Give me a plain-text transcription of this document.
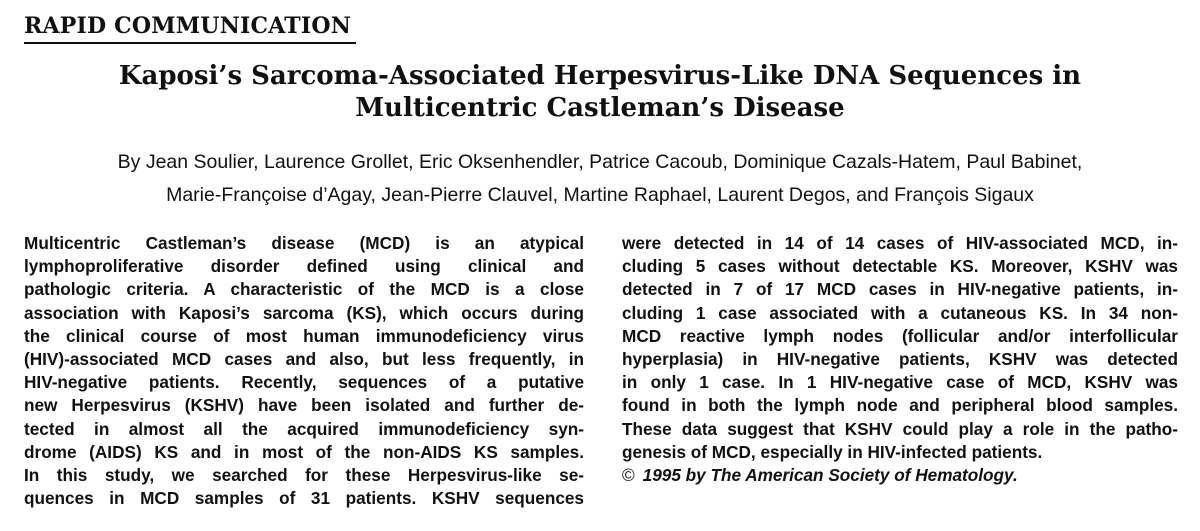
RAPID COMMUNICATION
Kaposi’s Sarcoma-Associated Herpesvirus-Like DNA Sequences in
Multicentric Castleman’s Disease
By Jean Soulier, Laurence Grollet, Eric Oksenhendler, Patrice Cacoub, Dominique Cazals-Hatem, Paul Babinet,
Marie-Françoise d’Agay, Jean-Pierre Clauvel, Martine Raphael, Laurent Degos, and François Sigaux
Multicentric Castleman’s disease (MCD) is an atypical
lymphoproliferative disorder defined using clinical and
pathologic criteria. A characteristic of the MCD is a close
association with Kaposi’s sarcoma (KS), which occurs during
the clinical course of most human immunodeficiency virus
(HIV)-associated MCD cases and also, but less frequently, in
HIV-negative patients. Recently, sequences of a putative
new Herpesvirus (KSHV) have been isolated and further de-
tected in almost all the acquired immunodeficiency syn-
drome (AIDS) KS and in most of the non-AIDS KS samples.
In this study, we searched for these Herpesvirus-like se-
quences in MCD samples of 31 patients. KSHV sequences
were detected in 14 of 14 cases of HIV-associated MCD, in-
cluding 5 cases without detectable KS. Moreover, KSHV was
detected in 7 of 17 MCD cases in HIV-negative patients, in-
cluding 1 case associated with a cutaneous KS. In 34 non-
MCD reactive lymph nodes (follicular and/or interfollicular
hyperplasia) in HIV-negative patients, KSHV was detected
in only 1 case. In 1 HIV-negative case of MCD, KSHV was
found in both the lymph node and peripheral blood samples.
These data suggest that KSHV could play a role in the patho-
genesis of MCD, especially in HIV-infected patients.
© 1995 by The American Society of Hematology.
